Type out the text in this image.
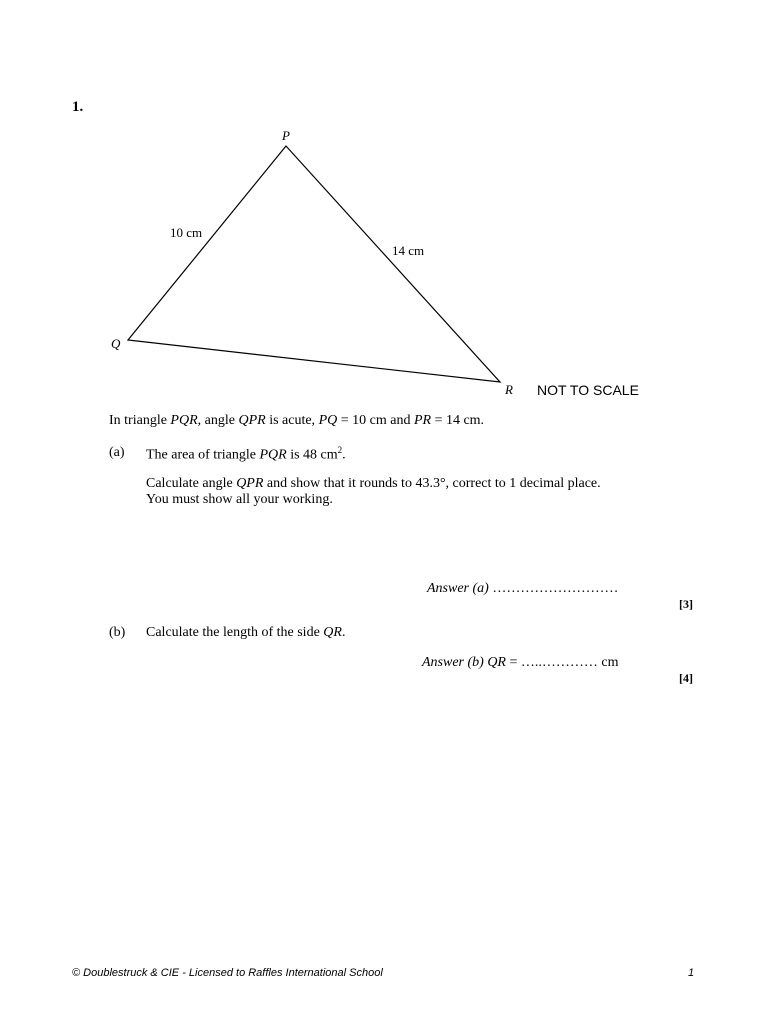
1.
P
Q
R
10 cm
14 cm
NOT TO SCALE
In triangle PQR, angle QPR is acute, PQ = 10 cm and PR = 14 cm.
(a) The area of triangle PQR is 48 $cm^2$.
Calculate angle QPR and show that it rounds to 43.3°, correct to 1 decimal place.
You must show all your working.
Answer (a) ………………………
[3]
(b) Calculate the length of the side QR.
Answer (b) QR = …..………… cm
[4]
© Doublestruck & CIE - Licensed to Raffles International School	1
